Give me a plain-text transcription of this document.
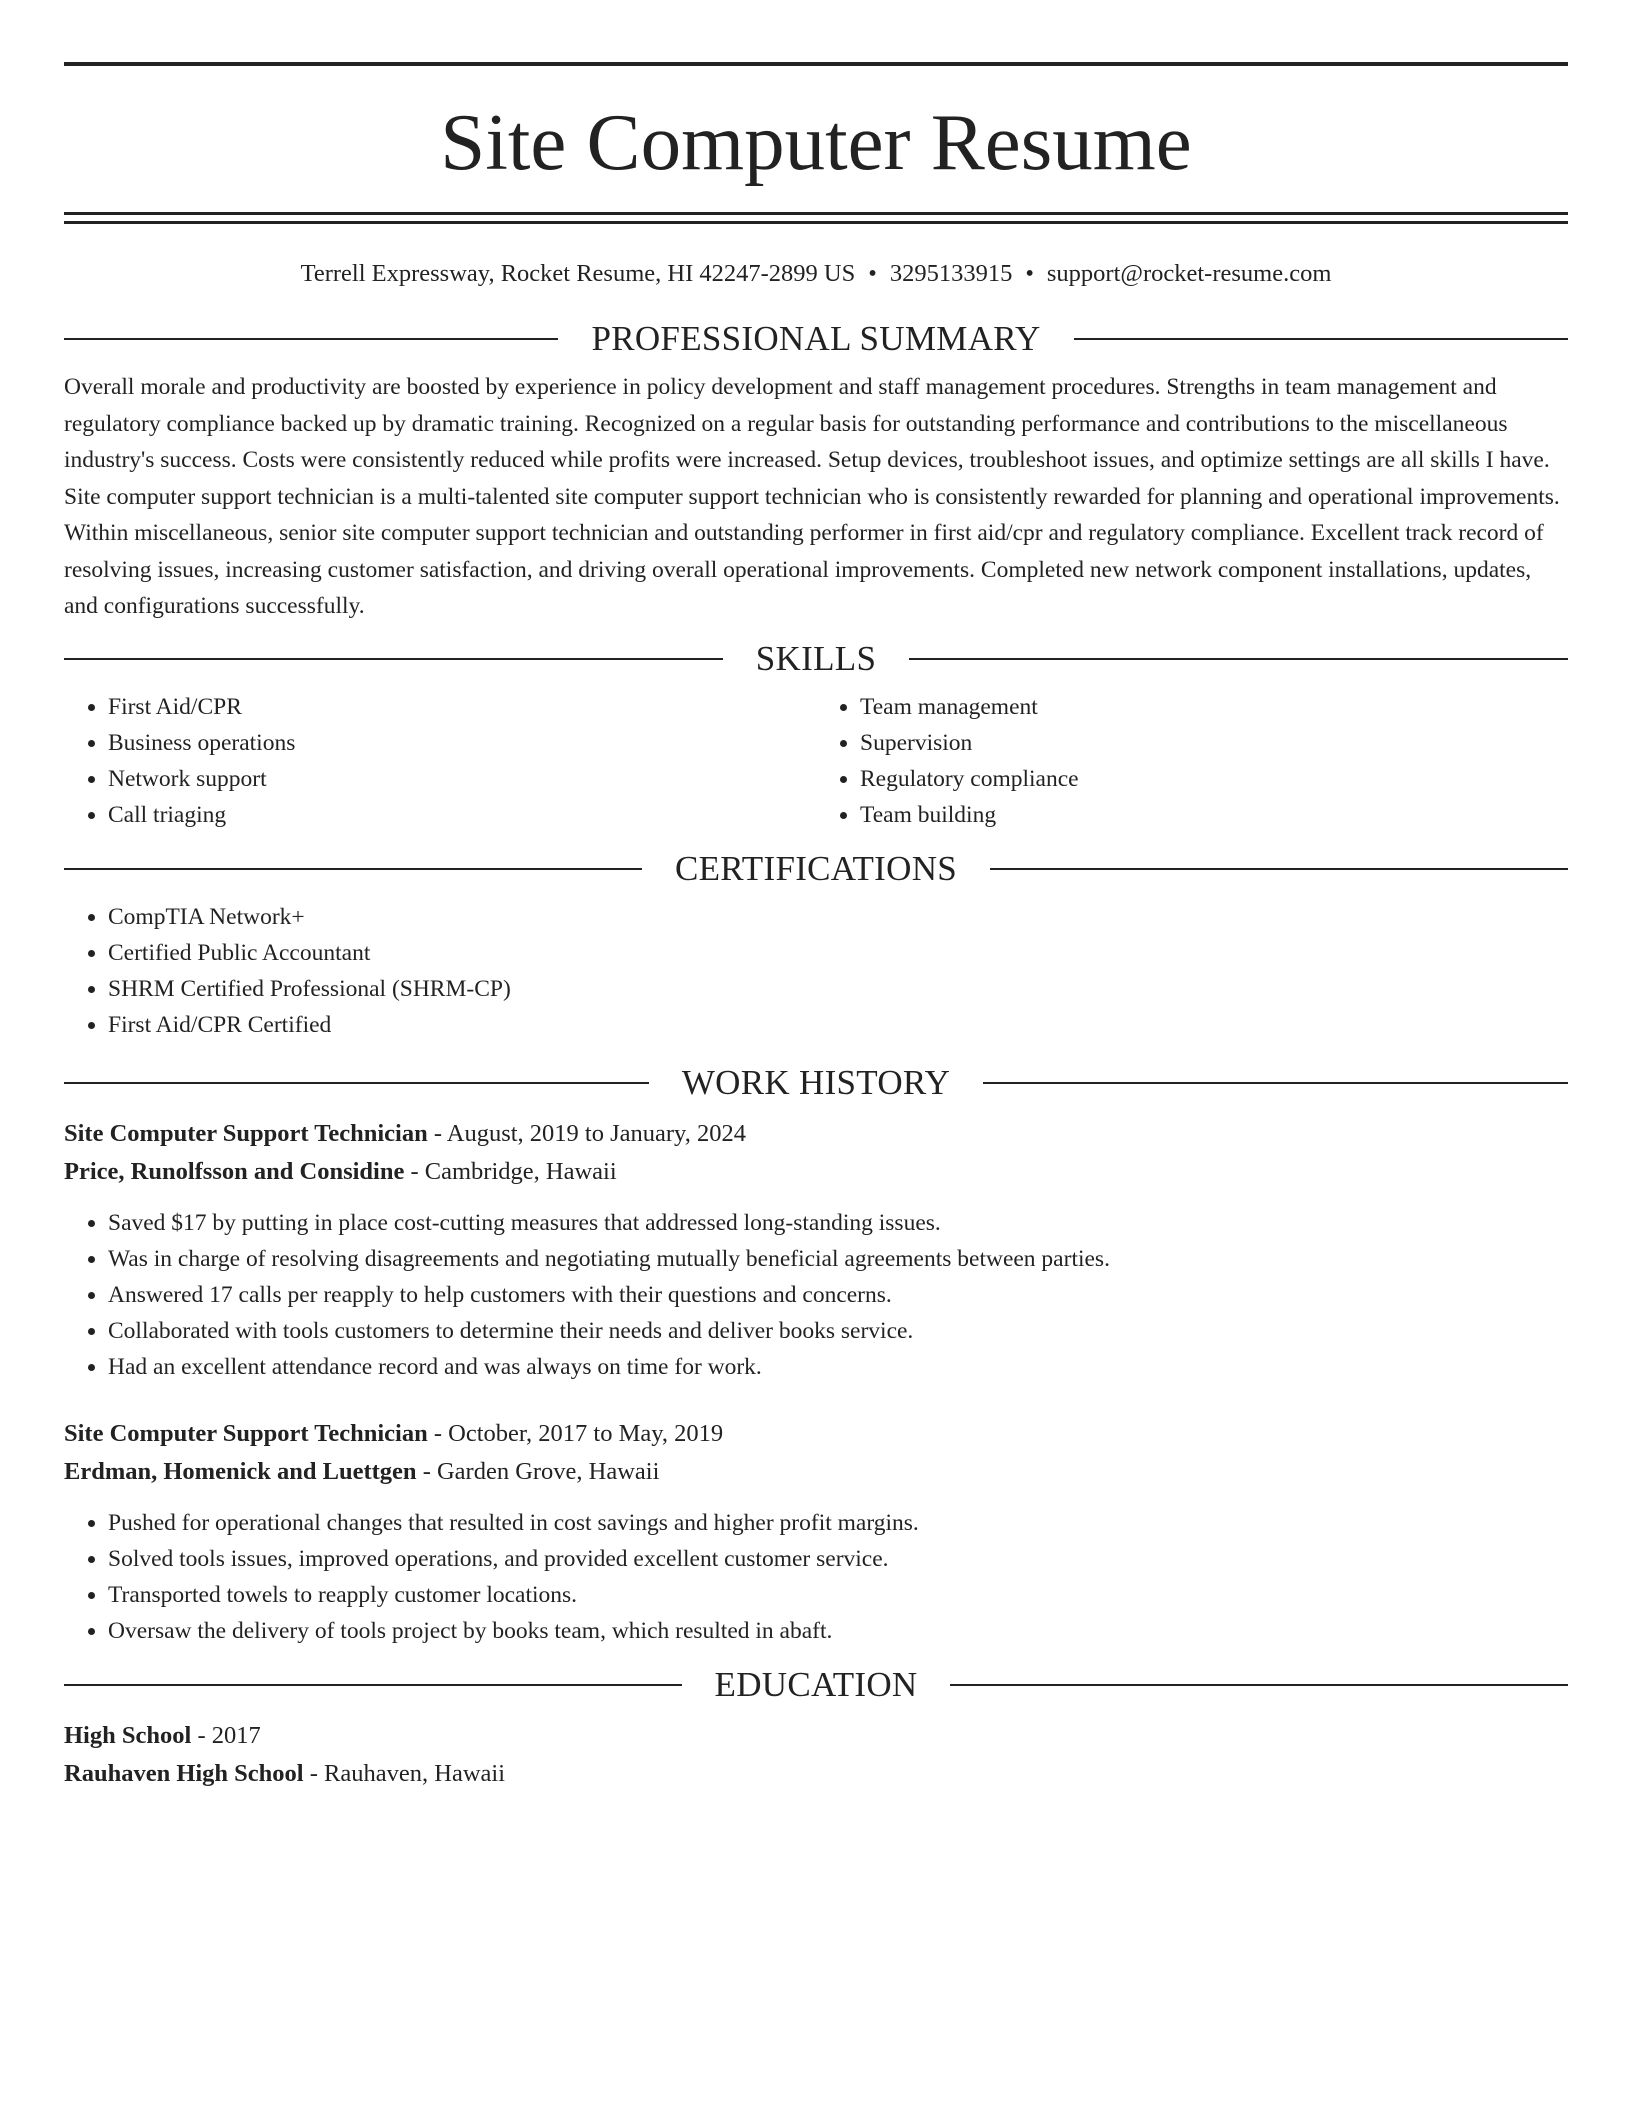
Site Computer Resume
Terrell Expressway, Rocket Resume, HI 42247-2899 US • 3295133915 • support@rocket-resume.com
PROFESSIONAL SUMMARY

Overall morale and productivity are boosted by experience in policy development and staff management procedures. Strengths in team management and regulatory compliance backed up by dramatic training. Recognized on a regular basis for outstanding performance and contributions to the miscellaneous industry's success. Costs were consistently reduced while profits were increased. Setup devices, troubleshoot issues, and optimize settings are all skills I have. Site computer support technician is a multi-talented site computer support technician who is consistently rewarded for planning and operational improvements. Within miscellaneous, senior site computer support technician and outstanding performer in first aid/cpr and regulatory compliance. Excellent track record of resolving issues, increasing customer satisfaction, and driving overall operational improvements. Completed new network component installations, updates, and configurations successfully.

SKILLS
• First Aid/CPR
• Business operations
• Network support
• Call triaging
• Team management
• Supervision
• Regulatory compliance
• Team building
CERTIFICATIONS
• CompTIA Network+
• Certified Public Accountant
• SHRM Certified Professional (SHRM-CP)
• First Aid/CPR Certified
WORK HISTORY
Site Computer Support Technician - August, 2019 to January, 2024
Price, Runolfsson and Considine - Cambridge, Hawaii
• Saved $17 by putting in place cost-cutting measures that addressed long-standing issues.
• Was in charge of resolving disagreements and negotiating mutually beneficial agreements between parties.
• Answered 17 calls per reapply to help customers with their questions and concerns.
• Collaborated with tools customers to determine their needs and deliver books service.
• Had an excellent attendance record and was always on time for work.
Site Computer Support Technician - October, 2017 to May, 2019
Erdman, Homenick and Luettgen - Garden Grove, Hawaii
• Pushed for operational changes that resulted in cost savings and higher profit margins.
• Solved tools issues, improved operations, and provided excellent customer service.
• Transported towels to reapply customer locations.
• Oversaw the delivery of tools project by books team, which resulted in abaft.
EDUCATION
High School - 2017
Rauhaven High School - Rauhaven, Hawaii
